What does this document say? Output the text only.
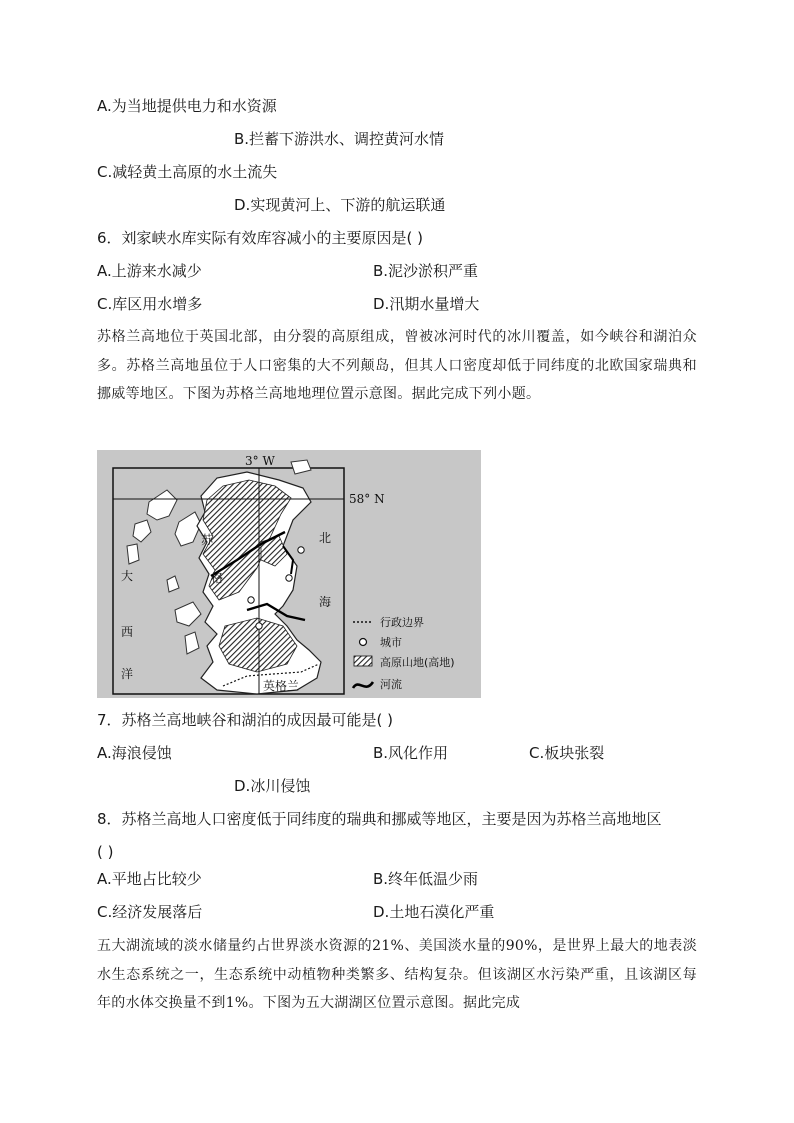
A.为当地提供电力和水资源
B.拦蓄下游洪水、调控黄河水情
C.减轻黄土高原的水土流失
D.实现黄河上、下游的航运联通
6．刘家峡水库实际有效库容减小的主要原因是( )
A.上游来水减少	B.泥沙淤积严重
C.库区用水增多	D.汛期水量增大
苏格兰高地位于英国北部，由分裂的高原组成，曾被冰河时代的冰川覆盖，如今峡谷和湖泊众多。苏格兰高地虽位于人口密集的大不列颠岛，但其人口密度却低于同纬度的北欧国家瑞典和挪威等地区。下图为苏格兰高地地理位置示意图。据此完成下列小题。
3° W
58° N
苏
格
大
西
洋
北
海
英格兰
行政边界
城市
高原山地(高地)
河流
7．苏格兰高地峡谷和湖泊的成因最可能是( )
A.海浪侵蚀	B.风化作用	C.板块张裂
D.冰川侵蚀
8．苏格兰高地人口密度低于同纬度的瑞典和挪威等地区，主要是因为苏格兰高地地区
( )
A.平地占比较少	B.终年低温少雨
C.经济发展落后	D.土地石漠化严重
五大湖流域的淡水储量约占世界淡水资源的21%、美国淡水量的90%，是世界上最大的地表淡水生态系统之一，生态系统中动植物种类繁多、结构复杂。但该湖区水污染严重，且该湖区每年的水体交换量不到1%。下图为五大湖湖区位置示意图。据此完成
